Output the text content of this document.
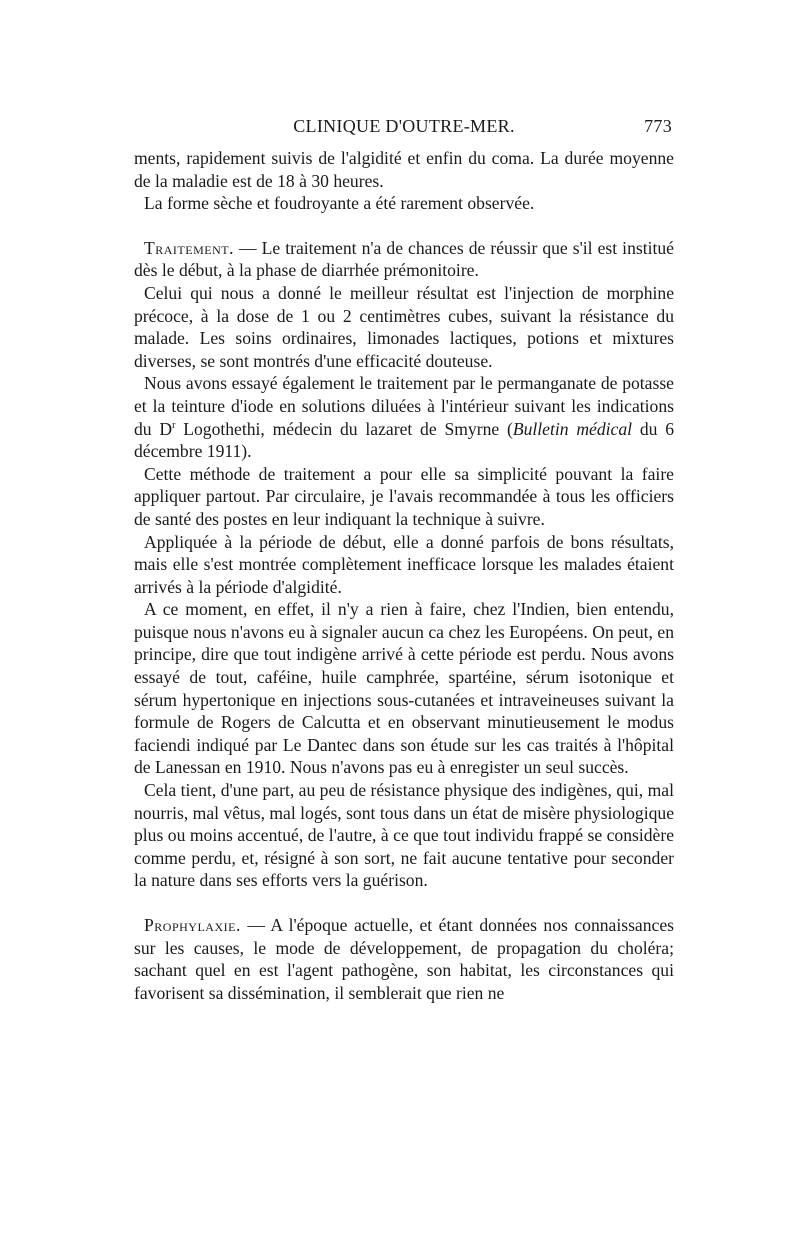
CLINIQUE D'OUTRE-MER.	773

ments, rapidement suivis de l'algidité et enfin du coma. La durée moyenne de la maladie est de 18 à 30 heures.

La forme sèche et foudroyante a été rarement observée.

Traitement. — Le traitement n'a de chances de réussir que s'il est institué dès le début, à la phase de diarrhée prémonitoire.

Celui qui nous a donné le meilleur résultat est l'injection de morphine précoce, à la dose de 1 ou 2 centimètres cubes, suivant la résistance du malade. Les soins ordinaires, limonades lactiques, potions et mixtures diverses, se sont montrés d'une efficacité douteuse.

Nous avons essayé également le traitement par le permanganate de potasse et la teinture d'iode en solutions diluées à l'intérieur suivant les indications du $D^r$ Logothethi, médecin du lazaret de Smyrne (Bulletin médical du 6 décembre 1911).

Cette méthode de traitement a pour elle sa simplicité pouvant la faire appliquer partout. Par circulaire, je l'avais recommandée à tous les officiers de santé des postes en leur indiquant la technique à suivre.

Appliquée à la période de début, elle a donné parfois de bons résultats, mais elle s'est montrée complètement inefficace lorsque les malades étaient arrivés à la période d'algidité.

A ce moment, en effet, il n'y a rien à faire, chez l'Indien, bien entendu, puisque nous n'avons eu à signaler aucun ca chez les Européens. On peut, en principe, dire que tout indigène arrivé à cette période est perdu. Nous avons essayé de tout, caféine, huile camphrée, spartéine, sérum isotonique et sérum hypertonique en injections sous-cutanées et intraveineuses suivant la formule de Rogers de Calcutta et en observant minutieusement le modus faciendi indiqué par Le Dantec dans son étude sur les cas traités à l'hôpital de Lanessan en 1910. Nous n'avons pas eu à enregister un seul succès.

Cela tient, d'une part, au peu de résistance physique des indigènes, qui, mal nourris, mal vêtus, mal logés, sont tous dans un état de misère physiologique plus ou moins accentué, de l'autre, à ce que tout individu frappé se considère comme perdu, et, résigné à son sort, ne fait aucune tentative pour seconder la nature dans ses efforts vers la guérison.

Prophylaxie. — A l'époque actuelle, et étant données nos connaissances sur les causes, le mode de développement, de propagation du choléra; sachant quel en est l'agent pathogène, son habitat, les circonstances qui favorisent sa dissémination, il semblerait que rien ne
